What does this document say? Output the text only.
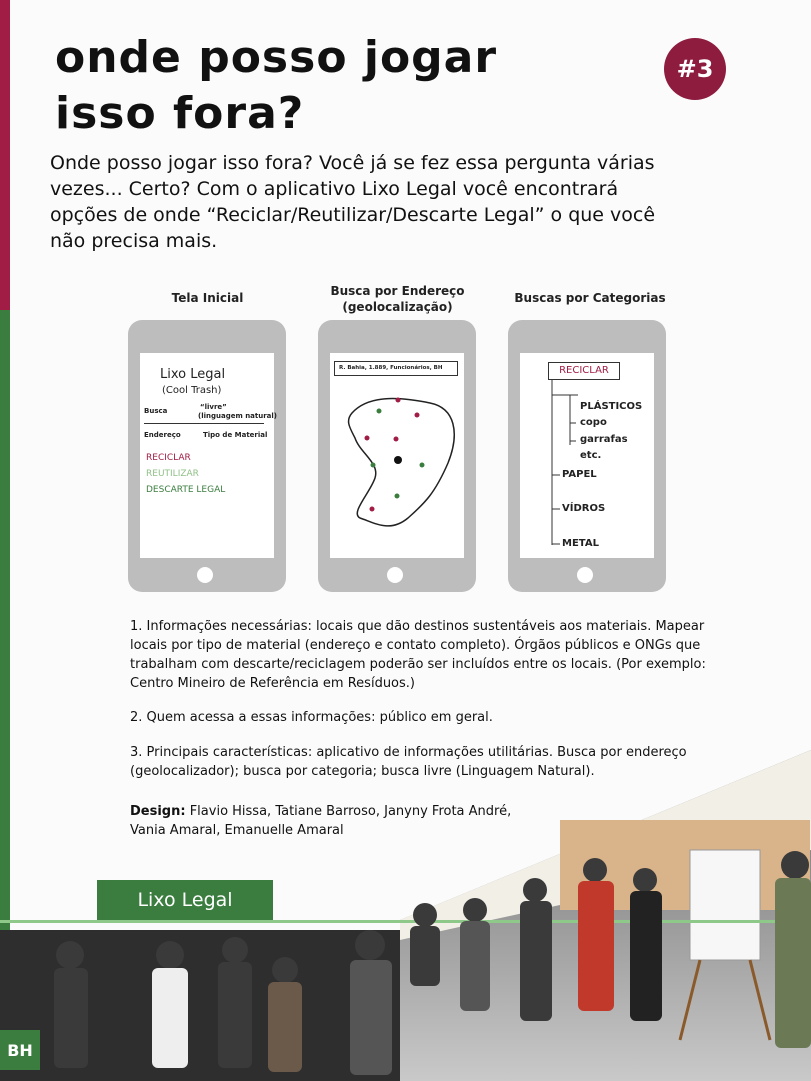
onde posso jogar
isso fora?
#3
Onde posso jogar isso fora? Você já se fez essa pergunta várias vezes... Certo? Com o aplicativo Lixo Legal você encontrará opções de onde “Reciclar/Reutilizar/Descarte Legal” o que você não precisa mais.
Tela Inicial	Busca por Endereço
(geolocalização)
Buscas por Categorias
Lixo Legal
(Cool Trash)
Busca	“livre”
(linguagem natural)
Endereço	Tipo de Material
RECICLAR
REUTILIZAR
DESCARTE LEGAL
R. Bahia, 1.889, Funcionários, BH	RECICLAR
PLÁSTICOS
copo
garrafas
etc.
PAPEL
VÍDROS
METAL

1. Informações necessárias: locais que dão destinos sustentáveis aos materiais. Mapear locais por tipo de material (endereço e contato completo). Órgãos públicos e ONGs que trabalham com descarte/reciclagem poderão ser incluídos entre os locais. (Por exemplo: Centro Mineiro de Referência em Resíduos.)

2. Quem acessa a essas informações: público em geral.

3. Principais características: aplicativo de informações utilitárias. Busca por endereço (geolocalizador); busca por categoria; busca livre (Linguagem Natural).

Design: Flavio Hissa, Tatiane Barroso, Janyny Frota André, Vania Amaral, Emanuelle Amaral

Lixo Legal
BH
